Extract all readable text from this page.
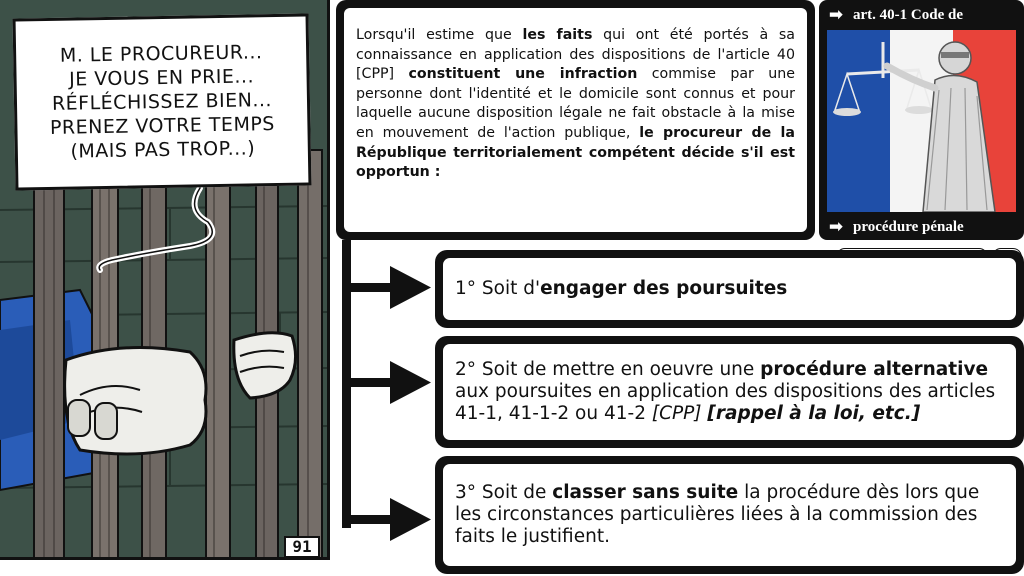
M. LE PROCUREUR...
JE VOUS EN PRIE...
RÉFLÉCHISSEZ BIEN...
PRENEZ VOTRE TEMPS
(MAIS PAS TROP...)
91

Lorsqu'il estime que les faits qui ont été portés à sa connaissance en application des dispositions de l'article 40 [CPP] constituent une infraction commise par une personne dont l'identité et le domicile sont connus et pour laquelle aucune disposition légale ne fait obstacle à la mise en mouvement de l'action publique, le procureur de la République territorialement compétent décide s'il est opportun :

➡ art. 40-1 Code de
➡ procédure pénale

1° Soit d'engager des poursuites

2° Soit de mettre en oeuvre une procédure alternative aux poursuites en application des dispositions des articles 41-1, 41-1-2 ou 41-2 [CPP] [rappel à la loi, etc.]

3° Soit de classer sans suite la procédure dès lors que les circonstances particulières liées à la commission des faits le justifient.
